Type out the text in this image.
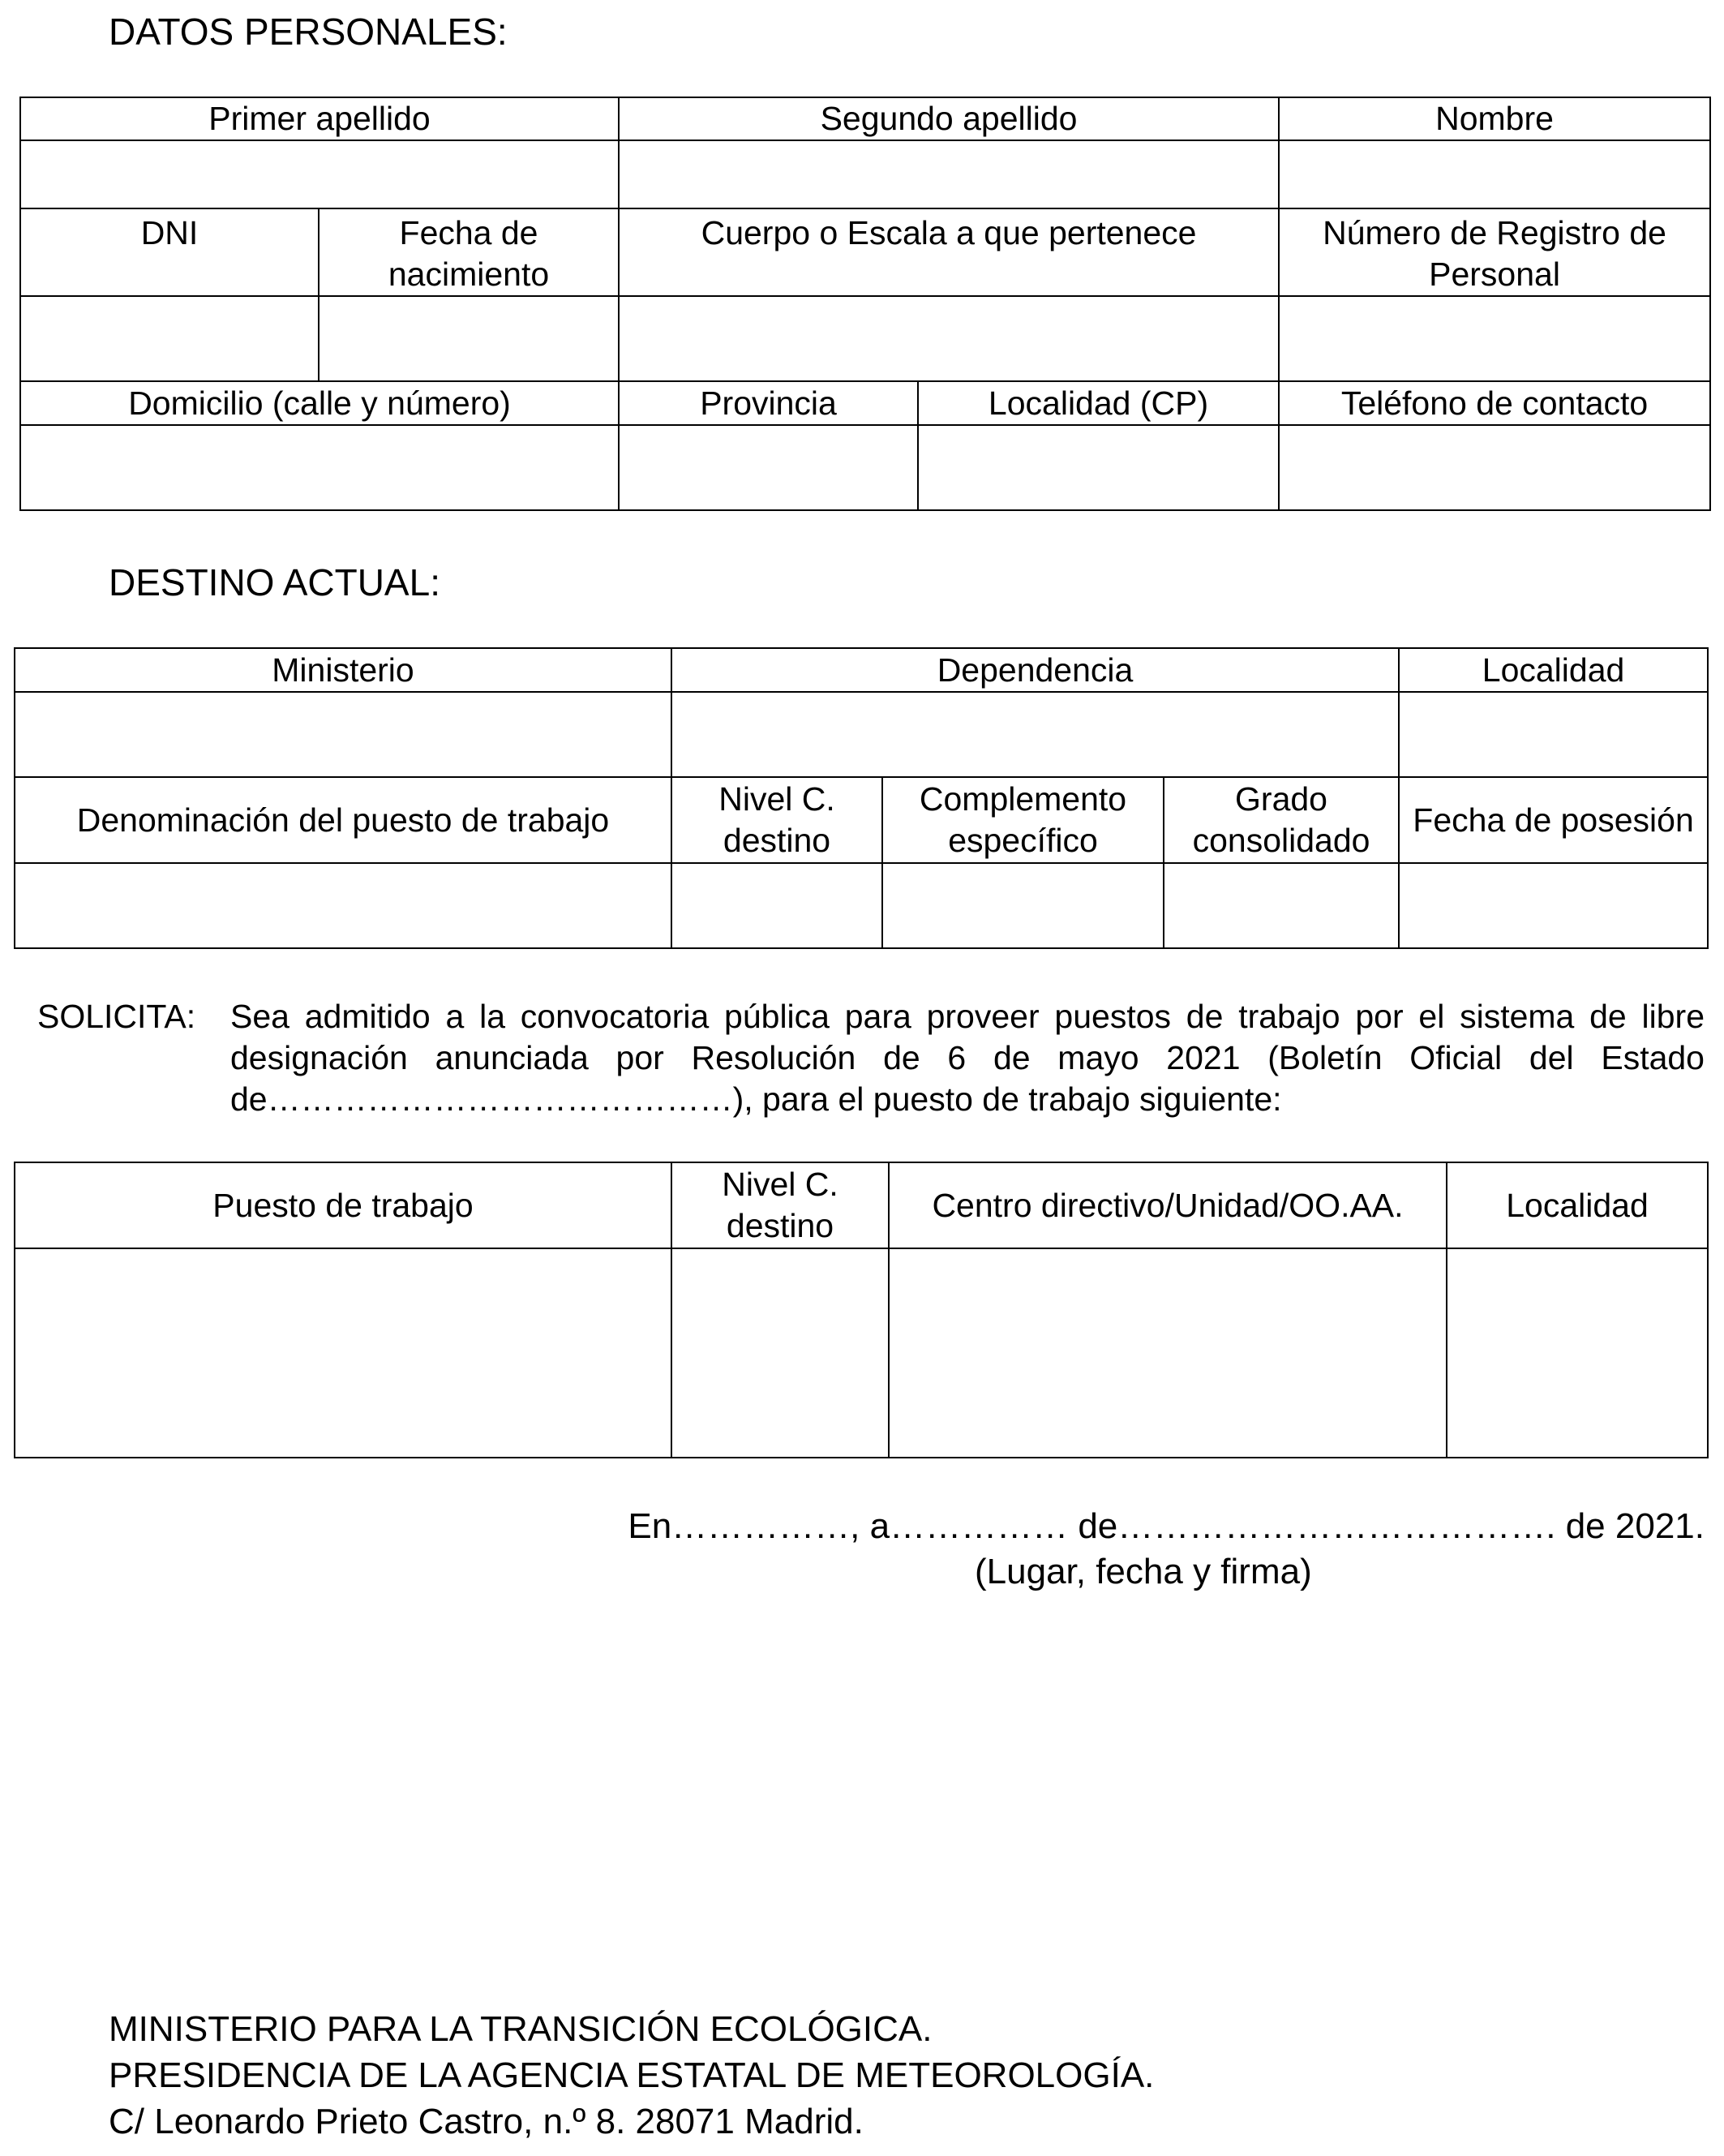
DATOS PERSONALES:
Primer apellido		Segundo apellido		Nombre

DNI	Fecha de nacimiento	Cuerpo o Escala a que pertenece		Número de Registro de Personal

Domicilio (calle y número)		Provincia	Localidad (CP)	Teléfono de contacto

DESTINO ACTUAL:
Ministerio	Dependencia			Localidad

Denominación del puesto de trabajo	Nivel C. destino	Complemento específico	Grado consolidado	Fecha de posesión

SOLICITA: Sea admitido a la convocatoria pública para proveer puestos de trabajo por el sistema de libre designación anunciada por Resolución de 6 de mayo 2021 (Boletín Oficial del Estado de……………………………………), para el puesto de trabajo siguiente:
Puesto de trabajo	Nivel C. destino	Centro directivo/Unidad/OO.AA.	Localidad

En……………, a…………… de………………………………. de 2021.
(Lugar, fecha y firma)
MINISTERIO PARA LA TRANSICIÓN ECOLÓGICA.
PRESIDENCIA DE LA AGENCIA ESTATAL DE METEOROLOGÍA.
C/ Leonardo Prieto Castro, n.º 8. 28071 Madrid.
